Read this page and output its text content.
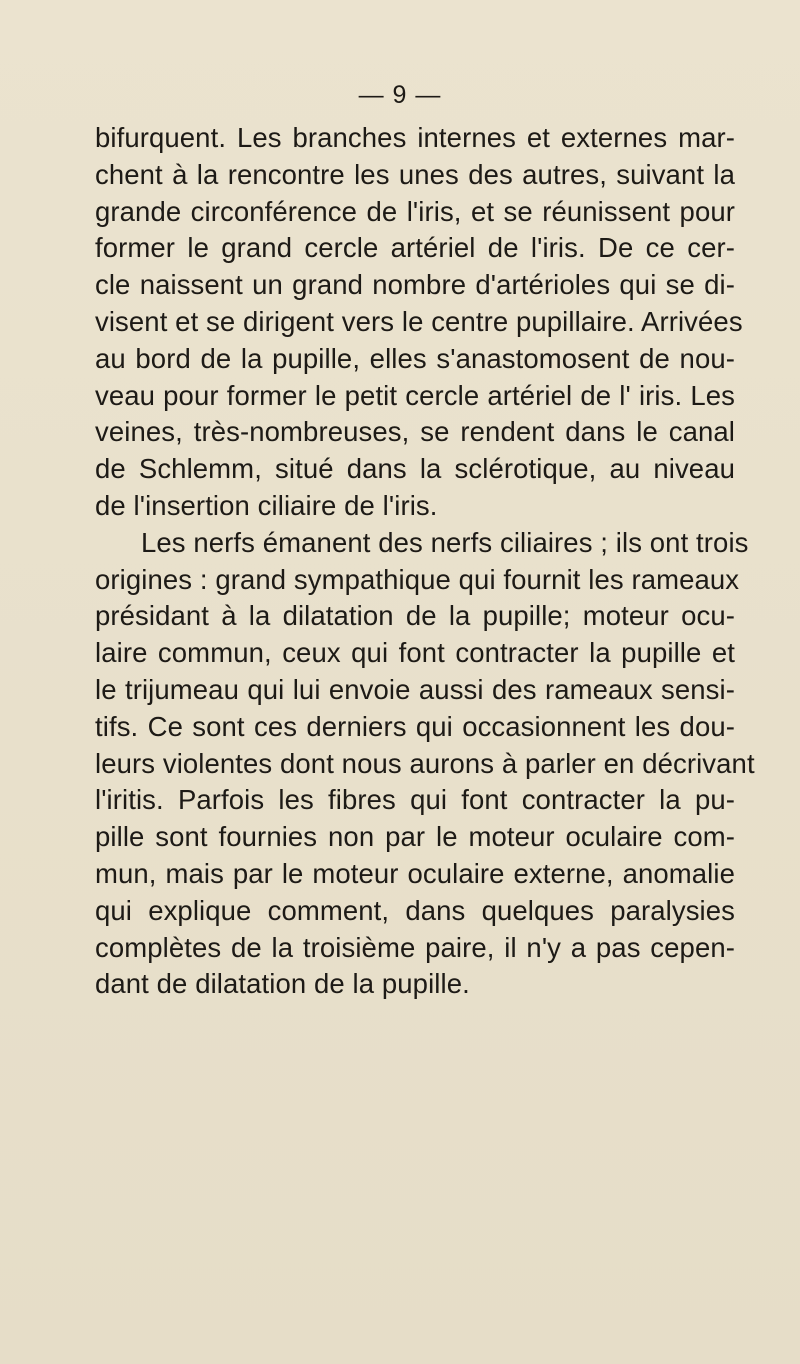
— 9 —
bifurquent. Les branches internes et externes mar-
chent à la rencontre les unes des autres, suivant la
grande circonférence de l'iris, et se réunissent pour
former le grand cercle artériel de l'iris. De ce cer-
cle naissent un grand nombre d'artérioles qui se di-
visent et se dirigent vers le centre pupillaire. Arrivées
au bord de la pupille, elles s'anastomosent de nou-
veau pour former le petit cercle artériel de l' iris. Les
veines, très-nombreuses, se rendent dans le canal
de Schlemm, situé dans la sclérotique, au niveau
de l'insertion ciliaire de l'iris.
Les nerfs émanent des nerfs ciliaires ; ils ont trois
origines : grand sympathique qui fournit les rameaux
présidant à la dilatation de la pupille; moteur ocu-
laire commun, ceux qui font contracter la pupille et
le trijumeau qui lui envoie aussi des rameaux sensi-
tifs. Ce sont ces derniers qui occasionnent les dou-
leurs violentes dont nous aurons à parler en décrivant
l'iritis. Parfois les fibres qui font contracter la pu-
pille sont fournies non par le moteur oculaire com-
mun, mais par le moteur oculaire externe, anomalie
qui explique comment, dans quelques paralysies
complètes de la troisième paire, il n'y a pas cepen-
dant de dilatation de la pupille.
